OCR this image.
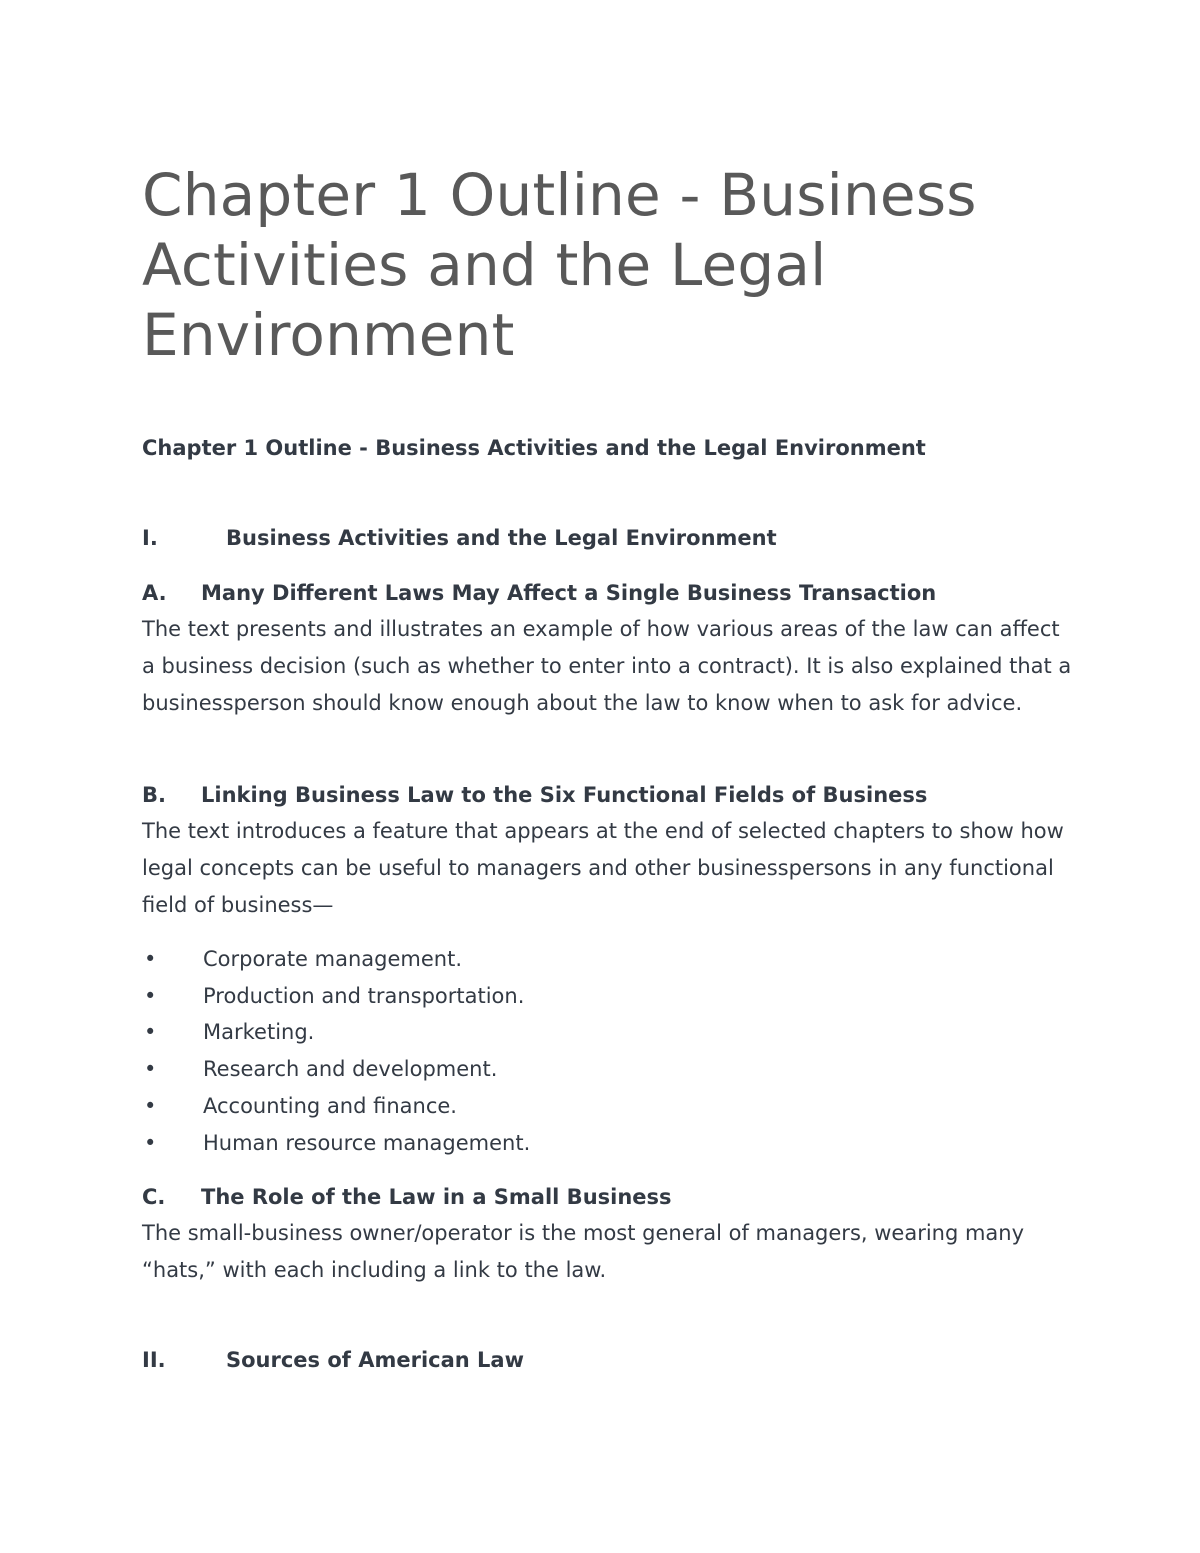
Chapter 1 Outline - Business Activities and the Legal Environment
Chapter 1 Outline - Business Activities and the Legal Environment
I.	Business Activities and the Legal Environment
A. Many Different Laws May Affect a Single Business Transaction

The text presents and illustrates an example of how various areas of the law can affect a business decision (such as whether to enter into a contract). It is also explained that a businessperson should know enough about the law to know when to ask for advice.

B. Linking Business Law to the Six Functional Fields of Business

The text introduces a feature that appears at the end of selected chapters to show how legal concepts can be useful to managers and other businesspersons in any functional field of business—

• Corporate management.
• Production and transportation.
• Marketing.
• Research and development.
• Accounting and finance.
• Human resource management.
C. The Role of the Law in a Small Business

The small-business owner/operator is the most general of managers, wearing many “hats,” with each including a link to the law.

II.	Sources of American Law
